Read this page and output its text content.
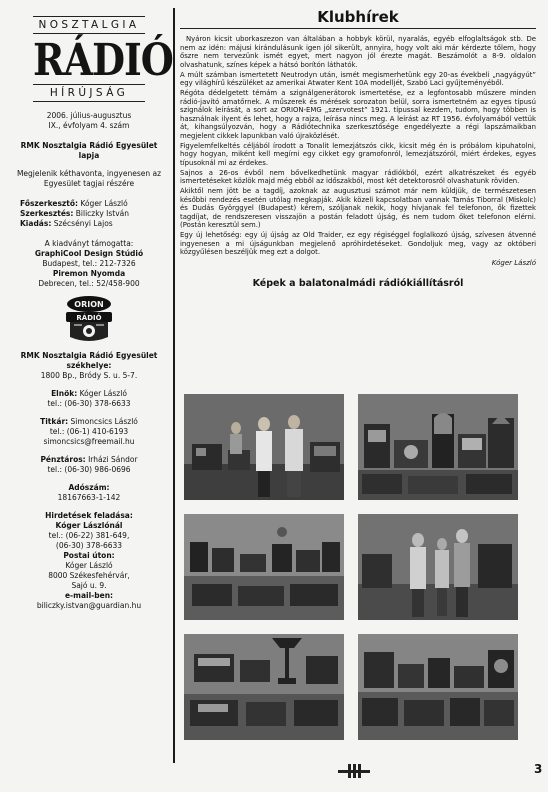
NOSZTALGIA
RÁDIÓ
HÍRÚJSÁG
2006. július-augusztus
IX., évfolyam 4. szám
RMK Nosztalgia Rádió Egyesület lapja
Megjelenik kéthavonta, ingyenesen az Egyesület tagjai részére
Főszerkesztő: Kóger László
Szerkesztés: Biliczky István
Kiadás: Szécsényi Lajos
A kiadványt támogatta:
GraphiCool Design Stúdió
Budapest, tel.: 212-7326
Piremon Nyomda
Debrecen, tel.: 52/458-900
ORION
RÁDIÓ
RMK Nosztalgia Rádió Egyesület székhelye:
1800 Bp., Bródy S. u. 5-7.
Elnök: Kóger László
tel.: (06-30) 378-6633
Titkár: Simoncsics László
tel.: (06-1) 410-6193
simoncsics@freemail.hu
Pénztáros: Irházi Sándor
tel.: (06-30) 986-0696
Adószám:
18167663-1-142
Hirdetések feladása:
Kóger Lászlónál
tel.: (06-22) 381-649,
(06-30) 378-6633
Postai úton:
Kóger László
8000 Székesfehérvár,
Sajó u. 9.
e-mail-ben:
biliczky.istvan@guardian.hu
Klubhírek

Nyáron kicsit uborkaszezon van általában a hobbyk körül, nyaralás, egyéb elfoglaltságok stb. De nem az idén: májusi kirándulásunk igen jól sikerült, annyira, hogy volt aki már kérdezte tőlem, hogy őszre nem tervezünk ismét egyet, mert nagyon jól érezte magát. Beszámolót a 8-9. oldalon olvashatunk, színes képek a hátsó borítón láthatók.

A múlt számban ismertetett Neutrodyn után, ismét megismerhetünk egy 20-as évekbeli „nagyágyút” egy világhírű készüléket az amerikai Atwater Kent 10A modelljét, Szabó Laci gyűjteményéből.

Régóta dédelgetett témám a szignálgenerátorok ismertetése, ez a legfontosabb műszere minden rádió-javító amatőrnek. A műszerek és mérések sorozaton belül, sorra ismertetném az egyes típusú szignálok leírását, a sort az ORION-EMG „szervotest” 1921. típussal kezdem, tudom, hogy többen is használnak ilyent és lehet, hogy a rajza, leírása nincs meg. A leírást az RT 1956. évfolyamából vettük át, kihangsúlyozván, hogy a Rádiótechnika szerkesztősége engedélyezte a régi lapszámaikban megjelent cikkek lapunkban való újraközlését.

Figyelemfelkeltés céljából írodott a Tonalit lemezjátszós cikk, kicsit még én is próbálom kipuhatolni, hogy hogyan, miként kell megírni egy cikket egy gramofonról, lemezjátszóról, miért érdekes, egyes típusoknál mi az érdekes.

Sajnos a 26-os évből nem bővelkedhetünk magyar rádiókból, ezért alkatrészeket és egyéb ismertetéseket közlök majd még ebből az időszakból, most két detektorosról olvashatunk röviden.

Akiktől nem jött be a tagdíj, azoknak az augusztusi számot már nem küldjük, de természetesen későbbi rendezés esetén utólag megkapják. Akik közeli kapcsolatban vannak Tamás Tiborral (Miskolc) és Dudás Györggyel (Budapest) kérem, szóljanak nekik, hogy hívjanak fel telefonon, ők fizettek tagdíjat, de rendszeresen visszajön a postán feladott újság, és nem tudom őket telefonon elérni. (Postán keresztül sem.)

Egy új lehetőség: egy új újság az Old Traider, ez egy régiséggel foglalkozó újság, szívesen átvenné ingyenesen a mi újságunkban megjelenő apróhirdetéseket. Gondoljuk meg, vagy az októberi közgyűlésen beszéljük meg ezt a dolgot.

Kóger László
Képek a balatonalmádi rádiókiállításról
3
